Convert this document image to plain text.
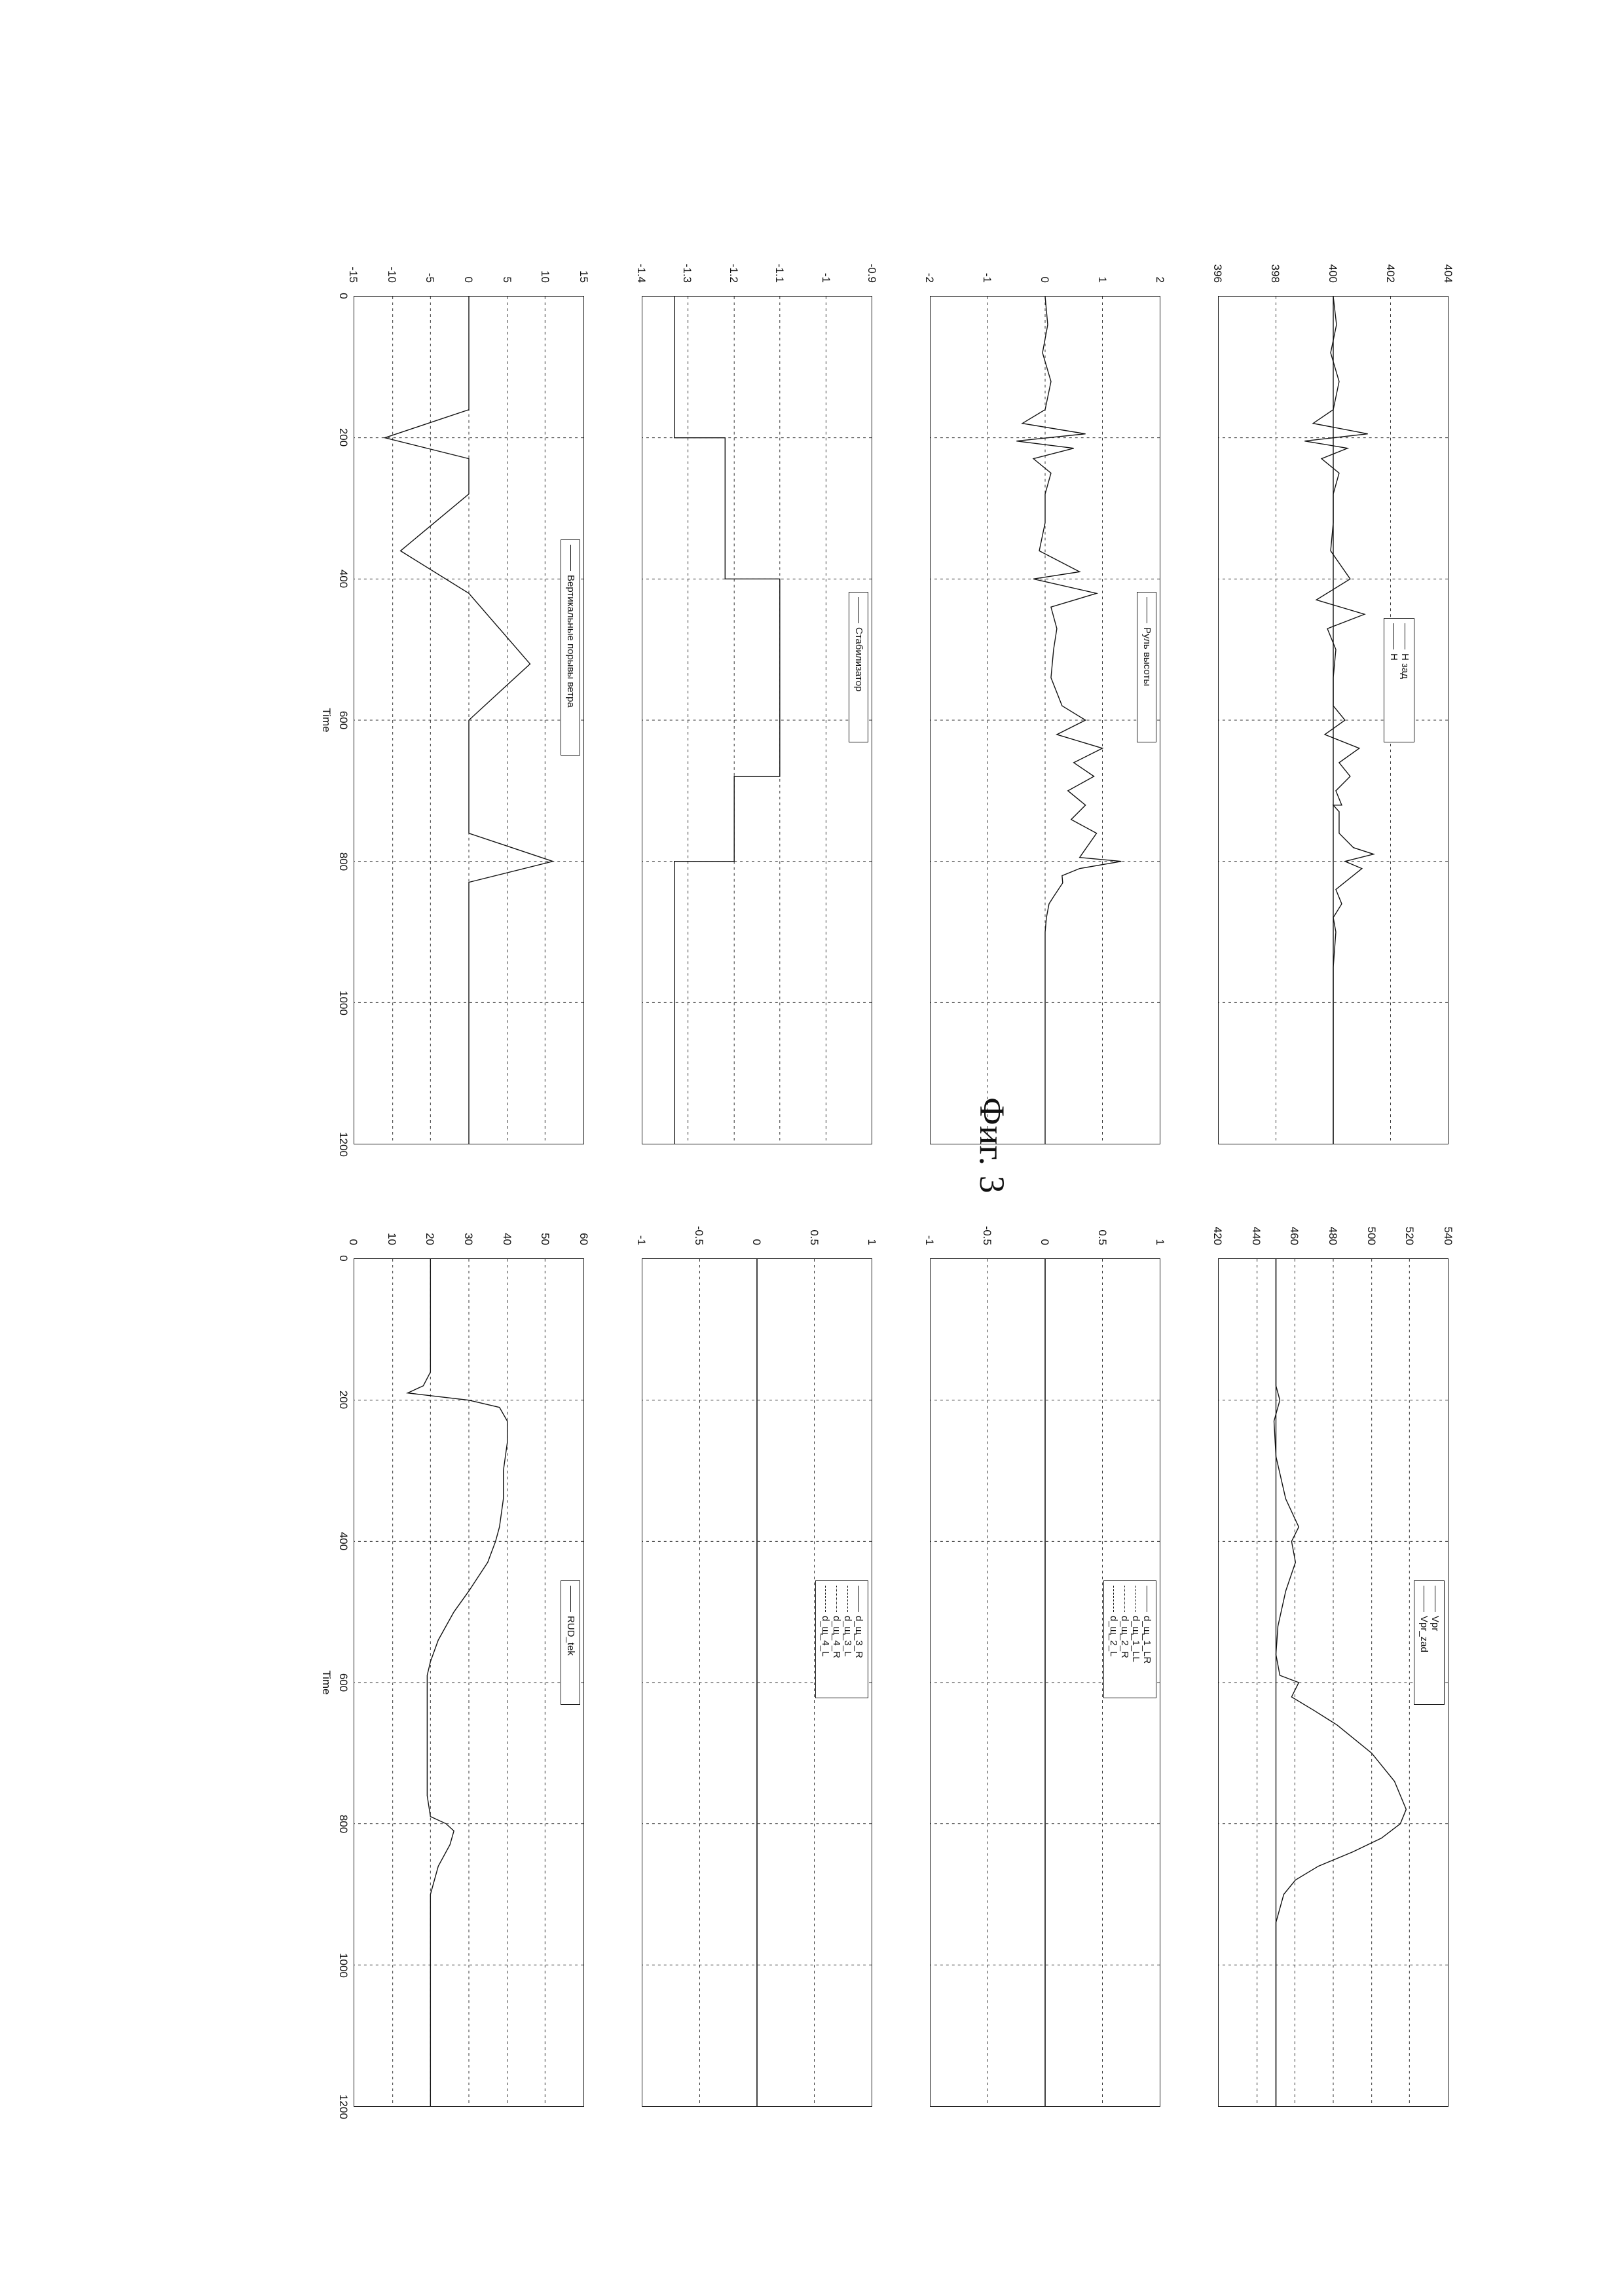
404
402
400
398
396
Н зад
Н
2
1
0
-1
-2
Руль высоты
-0.9
-1
-1.1
-1.2
-1.3
-1.4
Стабилизатор
15
10
5
0
-5
-10
-15
Вертикальные порывы ветра
0
200
400
600
800
1000
1200
Time
540
520
500
480
460
440
420
Vpr
Vpr_zad
1
0.5
0
-0.5
-1
d_щ_1_LR
d_щ_1_LL
d_щ_2_R
d_щ_2_L
1
0.5
0
-0.5
-1
d_щ_3_R
d_щ_3_L
d_щ_4_R
d_щ_4_L
60
50
40
30
20
10
0
RUD_tek
0
200
400
600
800
1000
1200
Time
Фиг. 3
